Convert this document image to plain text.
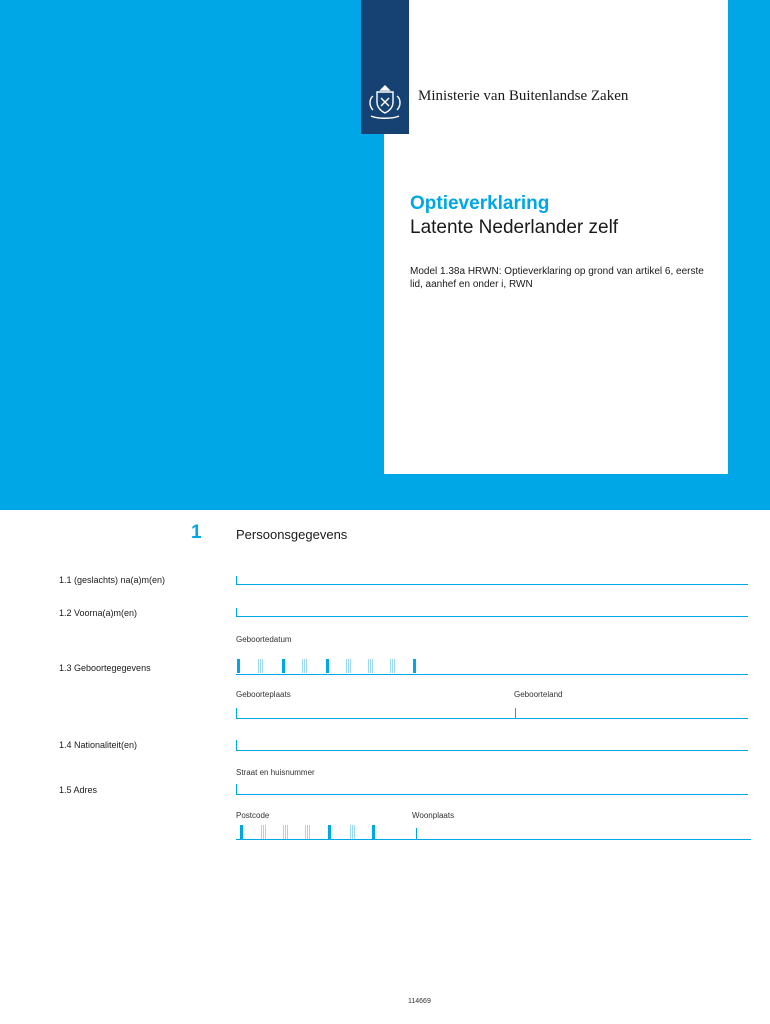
Ministerie van Buitenlandse Zaken
Optieverklaring
Latente Nederlander zelf
Model 1.38a HRWN: Optieverklaring op grond van artikel 6, eerste lid, aanhef en onder i, RWN
1	Persoonsgegevens
1.1 (geslachts) na(a)m(en)
1.2 Voorna(a)m(en)
Geboortedatum
1.3 Geboortegegevens
Geboorteplaats	Geboorteland
1.4 Nationaliteit(en)
Straat en huisnummer
1.5 Adres
Postcode	Woonplaats
114669
